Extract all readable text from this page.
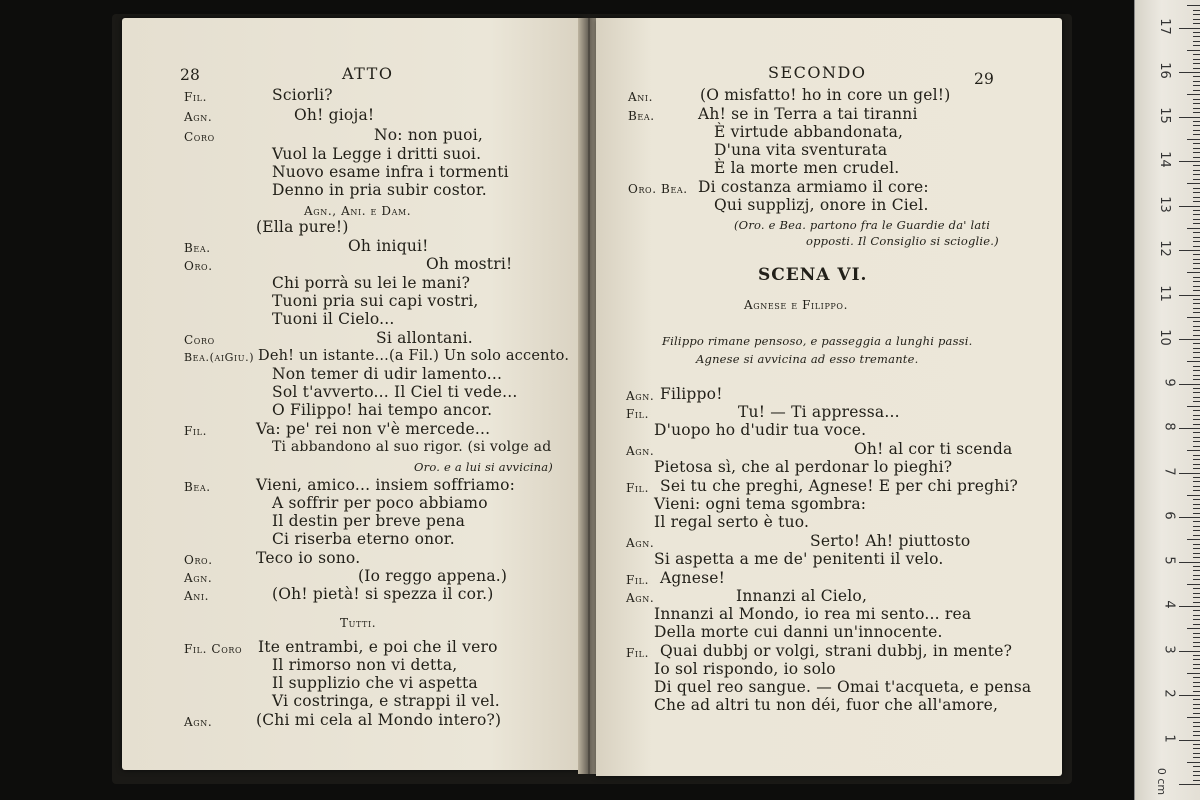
28	ATTO
Fil.	Sciorli?
Agn.	Oh! gioja!
Coro	No: non puoi,
Vuol la Legge i dritti suoi.
Nuovo esame infra i tormenti
Denno in pria subir costor.
Agn., Ani. e Dam.
(Ella pure!)
Bea.	Oh iniqui!
Oro.	Oh mostri!
Chi porrà su lei le mani?
Tuoni pria sui capi vostri,
Tuoni il Cielo...
Coro	Si allontani.
Bea.(aiGiu.) Deh! un istante...(a Fil.) Un solo accento.
Non temer di udir lamento...
Sol t'avverto... Il Ciel ti vede...
O Filippo! hai tempo ancor.
Fil.	Va: pe' rei non v'è mercede...
Ti abbandono al suo rigor. (si volge ad
Oro. e a lui si avvicina)
Bea.	Vieni, amico... insiem soffriamo:
A soffrir per poco abbiamo
Il destin per breve pena
Ci riserba eterno onor.
Oro.	Teco io sono.
Agn.	(Io reggo appena.)
Ani.	(Oh! pietà! si spezza il cor.)
Tutti.
Fil. Coro Ite entrambi, e poi che il vero
Il rimorso non vi detta,
Il supplizio che vi aspetta
Vi costringa, e strappi il vel.
Agn.	(Chi mi cela al Mondo intero?)
SECONDO	29
Ani.	(O misfatto! ho in core un gel!)
Bea.	Ah! se in Terra a tai tiranni
È virtude abbandonata,
D'una vita sventurata
È la morte men crudel.
Oro. Bea. Di costanza armiamo il core:
Qui supplizj, onore in Ciel.
(Oro. e Bea. partono fra le Guardie da' lati
opposti. Il Consiglio si scioglie.)
SCENA VI.
Agnese e Filippo.
Filippo rimane pensoso, e passeggia a lunghi passi.
Agnese si avvicina ad esso tremante.
Agn. Filippo!
Fil.	Tu! — Ti appressa...
D'uopo ho d'udir tua voce.
Agn.	Oh! al cor ti scenda
Pietosa sì, che al perdonar lo pieghi?
Fil. Sei tu che preghi, Agnese! E per chi preghi?
Vieni: ogni tema sgombra:
Il regal serto è tuo.
Agn.	Serto! Ah! piuttosto
Si aspetta a me de' penitenti il velo.
Fil. Agnese!
Agn.	Innanzi al Cielo,
Innanzi al Mondo, io rea mi sento... rea
Della morte cui danni un'innocente.
Fil. Quai dubbj or volgi, strani dubbj, in mente?
Io sol rispondo, io solo
Di quel reo sangue. — Omai t'acqueta, e pensa
Che ad altri tu non déi, fuor che all'amore,
1
2
3
4
5
6
7
8
9
10
11
12
13
14
15
16
17
0 cm
